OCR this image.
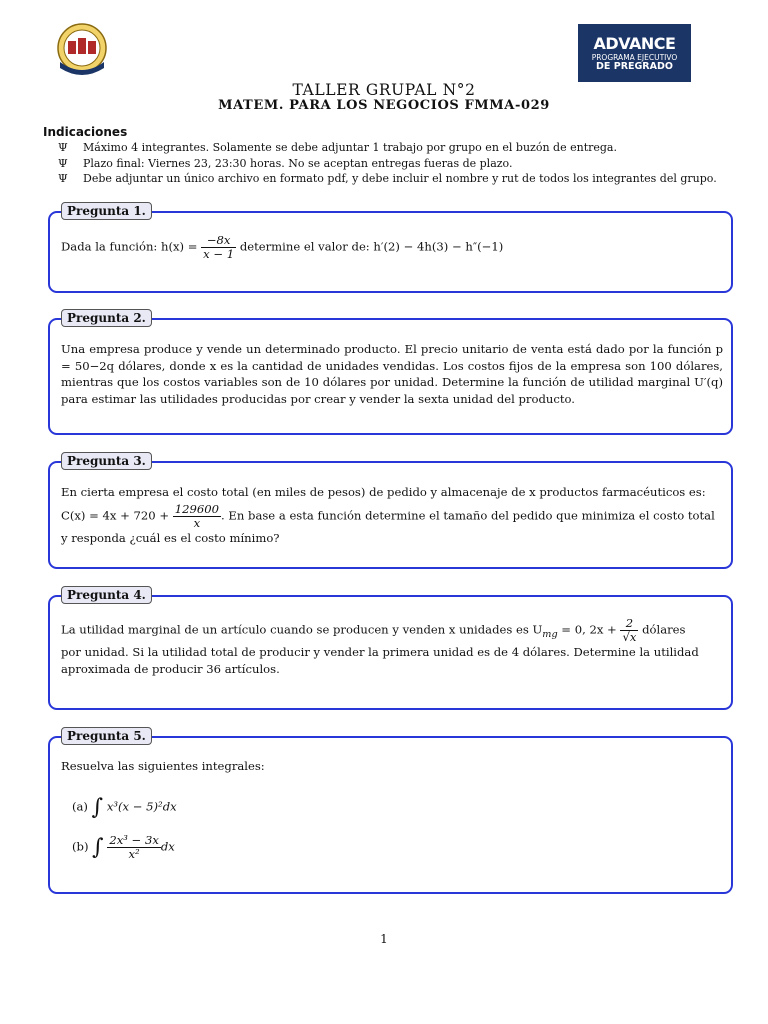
ADVANCE
PROGRAMA EJECUTIVO
DE PREGRADO
TALLER GRUPAL N°2
MATEM. PARA LOS NEGOCIOS FMMA-029
Indicaciones
Ψ Máximo 4 integrantes. Solamente se debe adjuntar 1 trabajo por grupo en el buzón de entrega.
Ψ Plazo final: Viernes 23, 23:30 horas. No se aceptan entregas fueras de plazo.
Ψ Debe adjuntar un único archivo en formato pdf, y debe incluir el nombre y rut de todos los integrantes del grupo.
Pregunta 1.
Dada la función: $h(x) = \frac{-8x}{x - 1}$ determine el valor de: h′(2) − 4h(3) − h″(−1)
Pregunta 2.
Una empresa produce y vende un determinado producto. El precio unitario de venta está dado por la función p = 50−2q dólares, donde x es la cantidad de unidades vendidas. Los costos fijos de la empresa son 100 dólares, mientras que los costos variables son de 10 dólares por unidad. Determine la función de utilidad marginal U′(q) para estimar las utilidades producidas por crear y vender la sexta unidad del producto.
Pregunta 3.
En cierta empresa el costo total (en miles de pesos) de pedido y almacenaje de x productos farmacéuticos es:
$C(x) = 4x + 720 + \frac{129600}{x}$ . En base a esta función determine el tamaño del pedido que minimiza el costo total
y responda ¿cuál es el costo mínimo?
Pregunta 4.
La utilidad marginal de un artículo cuando se producen y venden x unidades es $U_{mg} = 0$, $2x + \frac{2}{√x}$ dólares
por unidad. Si la utilidad total de producir y vender la primera unidad es de 4 dólares. Determine la utilidad
aproximada de producir 36 artículos.
Pregunta 5.
Resuelva las siguientes integrales:
(a) ∫ x³(x − 5)²dx
(b) ∫ $\frac{\text{2x³ − 3x}}{\text{x²}}$ dx
1
